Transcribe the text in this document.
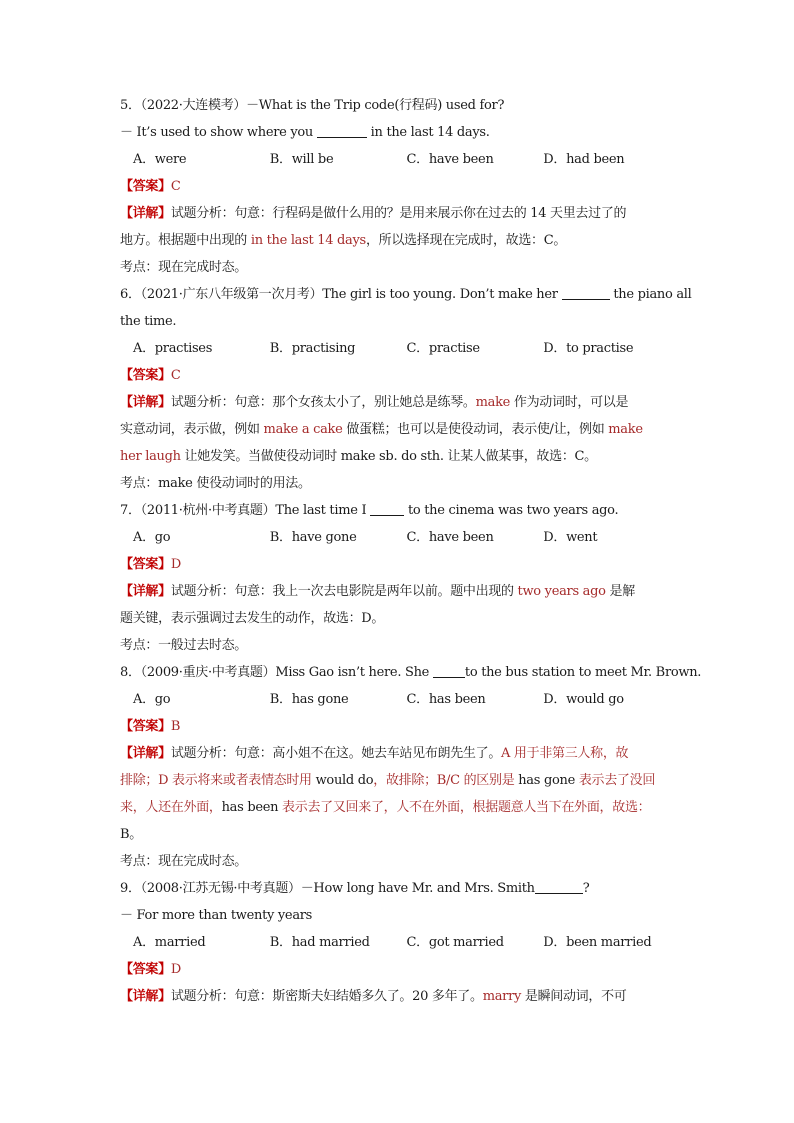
5．（2022·大连模考）－What is the Trip code(行程码) used for?
－ It’s used to show where you	in the last 14 days.
A．were	B．will be	C．have been	D．had been
【答案】C
【详解】试题分析：句意：行程码是做什么用的？是用来展示你在过去的 14 天里去过了的
地方。根据题中出现的 in the last 14 days，所以选择现在完成时，故选：C。
考点：现在完成时态。
6．（2021·广东八年级第一次月考）The girl is too young. Don’t make her	the piano all
the time.
A．practises	B．practising	C．practise	D．to practise
【答案】C
【详解】试题分析：句意：那个女孩太小了，别让她总是练琴。make 作为动词时，可以是
实意动词，表示做，例如 make a cake 做蛋糕；也可以是使役动词，表示使/让，例如 make
her laugh 让她发笑。当做使役动词时 make sb. do sth. 让某人做某事，故选：C。
考点：make 使役动词时的用法。
7．（2011·杭州·中考真题）The last time I	to the cinema was two years ago.
A．go	B．have gone	C．have been	D．went
【答案】D
【详解】试题分析：句意：我上一次去电影院是两年以前。题中出现的 two years ago 是解
题关键，表示强调过去发生的动作，故选：D。
考点：一般过去时态。
8．（2009·重庆·中考真题）Miss Gao isn’t here. She to the bus station to meet Mr. Brown.
A．go	B．has gone	C．has been	D．would go
【答案】B
【详解】试题分析：句意：高小姐不在这。她去车站见布朗先生了。A 用于非第三人称，故
排除；D 表示将来或者表情态时用 would do，故排除；B/C 的区别是 has gone 表示去了没回
来，人还在外面，has been 表示去了又回来了，人不在外面，根据题意人当下在外面，故选：
B。
考点：现在完成时态。
9．（2008·江苏无锡·中考真题）－How long have Mr. and Mrs. Smith	?
－ For more than twenty years
A．married	B．had married	C．got married	D．been married
【答案】D
【详解】试题分析：句意：斯密斯夫妇结婚多久了。20 多年了。marry 是瞬间动词，不可
